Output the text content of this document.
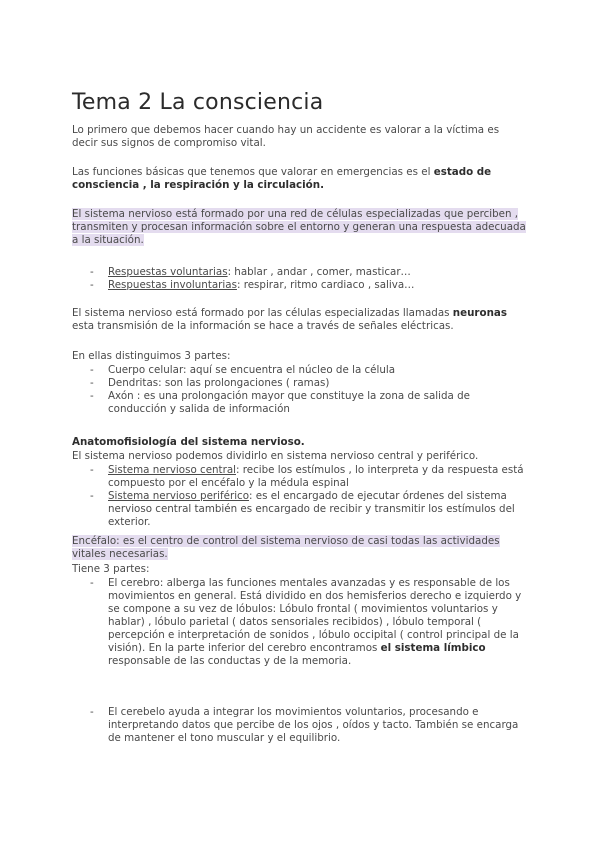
Tema 2 La consciencia
Lo primero que debemos hacer cuando hay un accidente es valorar a la víctima es decir sus signos de compromiso vital.
Las funciones básicas que tenemos que valorar en emergencias es el estado de consciencia , la respiración y la circulación.
El sistema nervioso está formado por una red de células especializadas que perciben , transmiten y procesan información sobre el entorno y generan una respuesta adecuada a la situación.
- Respuestas voluntarias: hablar , andar , comer, masticar…
- Respuestas involuntarias: respirar, ritmo cardiaco , saliva…
El sistema nervioso está formado por las células especializadas llamadas neuronas esta transmisión de la información se hace a través de señales eléctricas.
En ellas distinguimos 3 partes:
- Cuerpo celular: aquí se encuentra el núcleo de la célula
- Dendritas: son las prolongaciones ( ramas)
- Axón : es una prolongación mayor que constituye la zona de salida de conducción y salida de información
Anatomofisiología del sistema nervioso.
El sistema nervioso podemos dividirlo en sistema nervioso central y periférico.
- Sistema nervioso central: recibe los estímulos , lo interpreta y da respuesta está compuesto por el encéfalo y la médula espinal
- Sistema nervioso periférico: es el encargado de ejecutar órdenes del sistema nervioso central también es encargado de recibir y transmitir los estímulos del exterior.
Encéfalo: es el centro de control del sistema nervioso de casi todas las actividades vitales necesarias.
Tiene 3 partes:
- El cerebro: alberga las funciones mentales avanzadas y es responsable de los movimientos en general. Está dividido en dos hemisferios derecho e izquierdo y se compone a su vez de lóbulos: Lóbulo frontal ( movimientos voluntarios y hablar) , lóbulo parietal ( datos sensoriales recibidos) , lóbulo temporal ( percepción e interpretación de sonidos , lóbulo occipital ( control principal de la visión). En la parte inferior del cerebro encontramos el sistema límbico responsable de las conductas y de la memoria.
- El cerebelo ayuda a integrar los movimientos voluntarios, procesando e interpretando datos que percibe de los ojos , oídos y tacto. También se encarga de mantener el tono muscular y el equilibrio.
